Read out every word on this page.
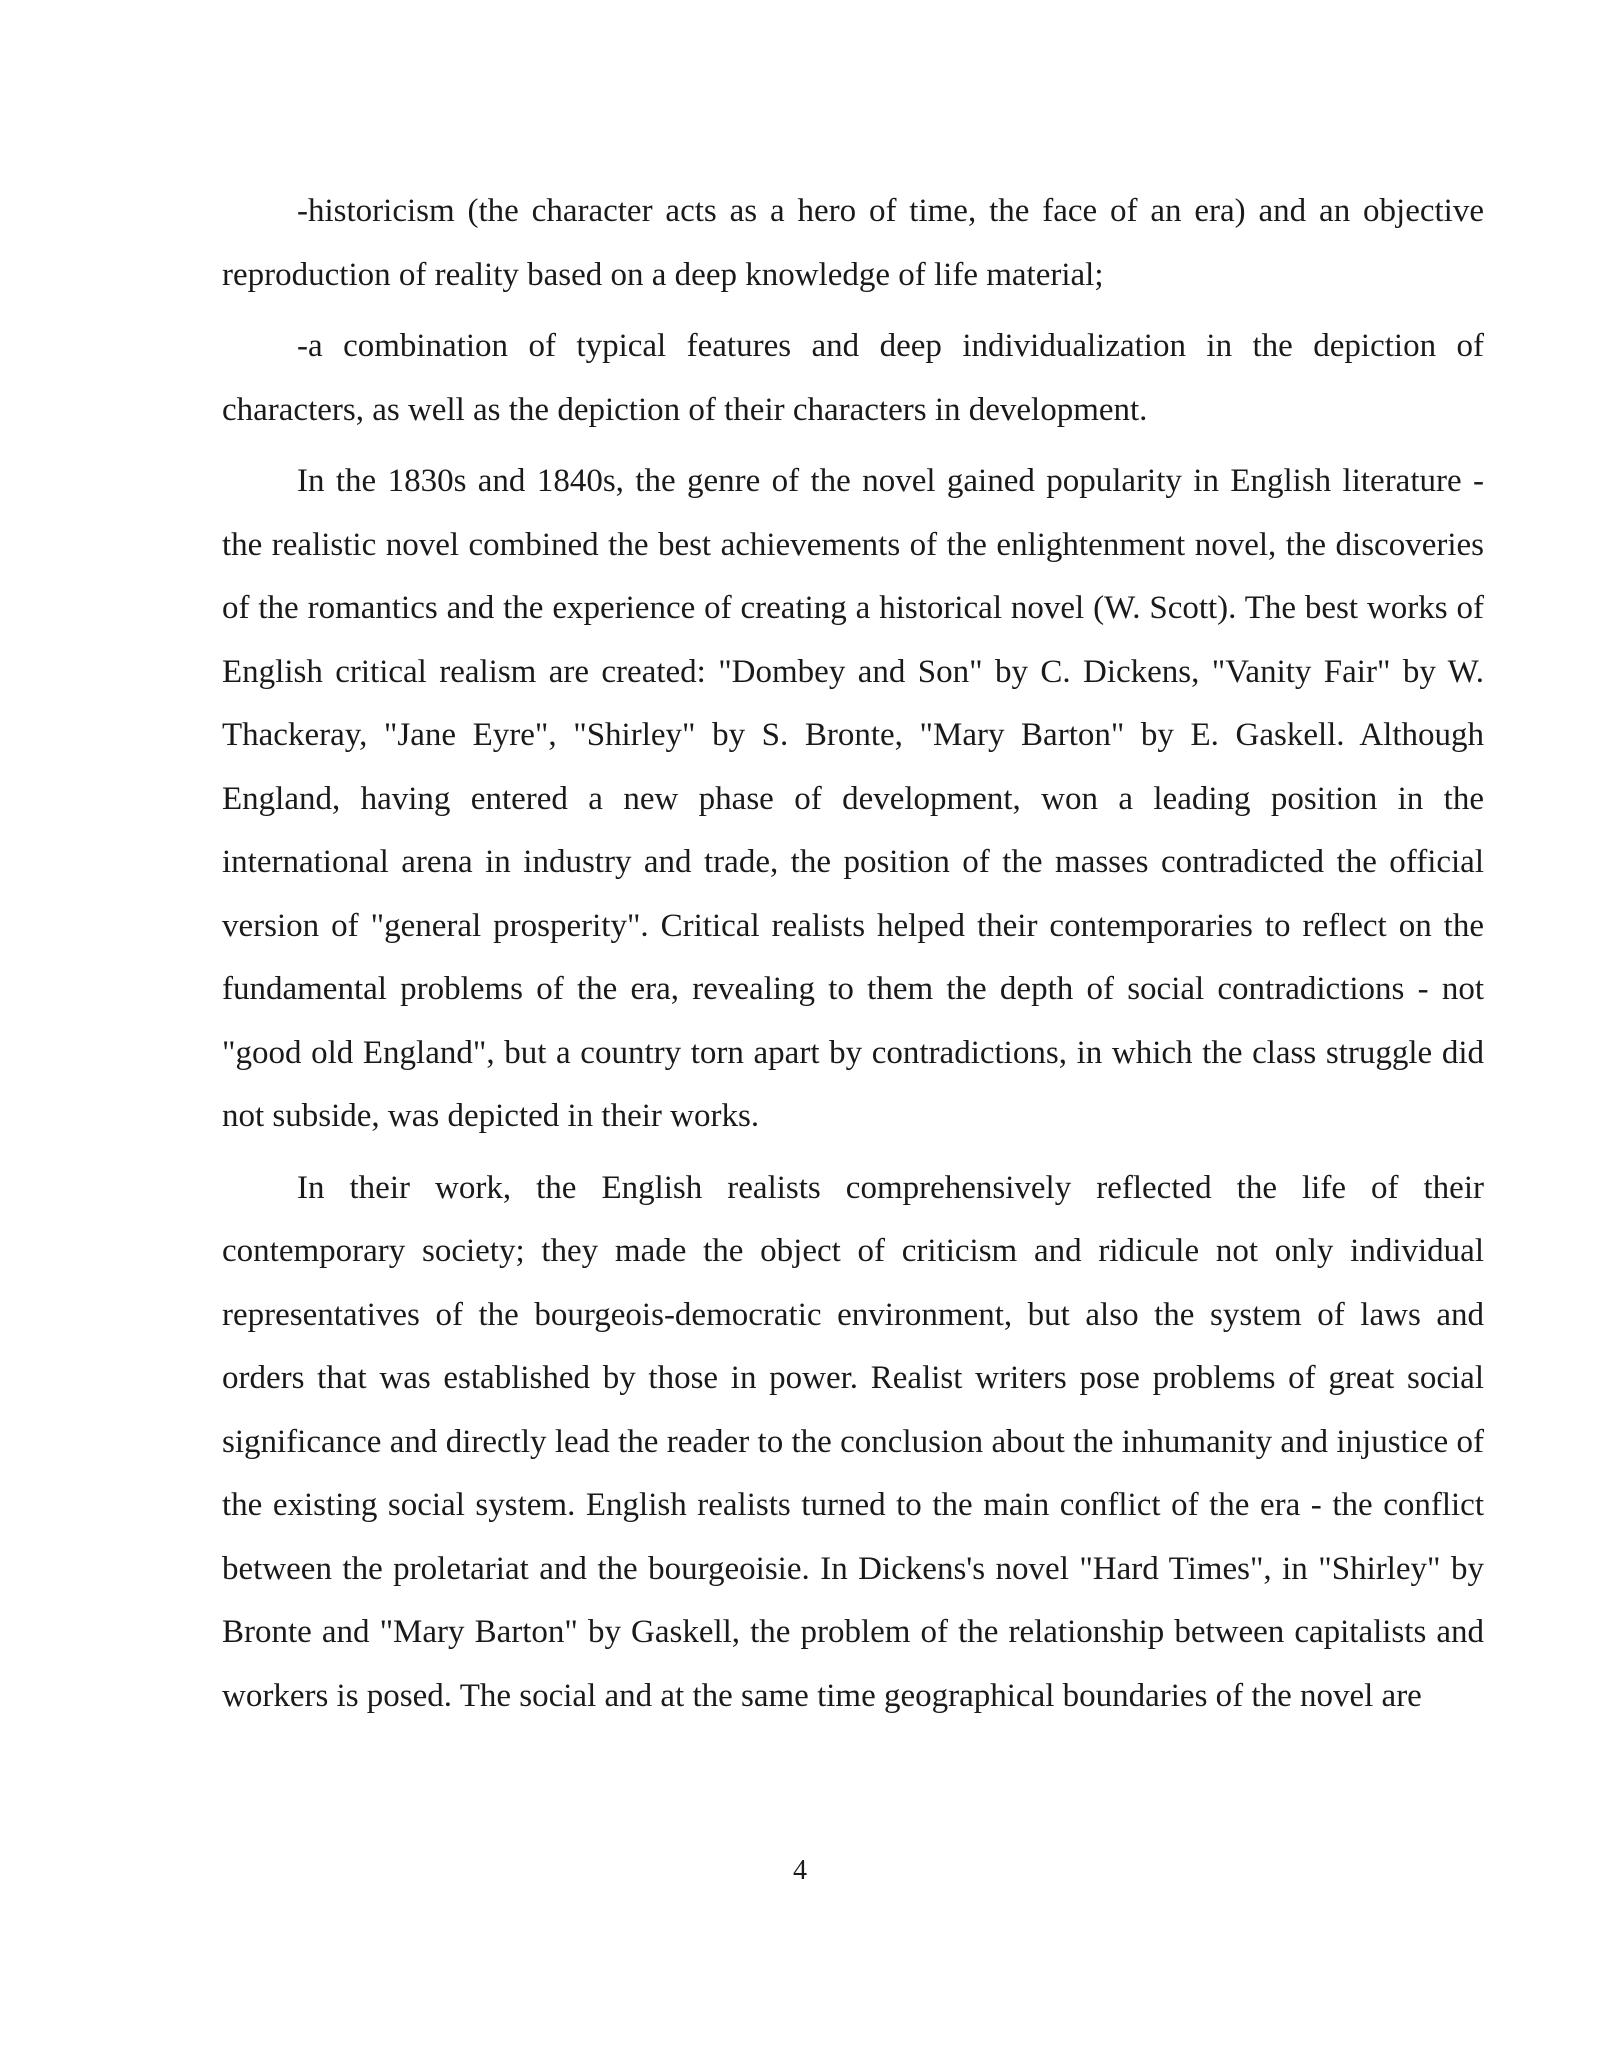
-historicism (the character acts as a hero of time, the face of an era) and an objective reproduction of reality based on a deep knowledge of life material;

-a combination of typical features and deep individualization in the depiction of characters, as well as the depiction of their characters in development.

In the 1830s and 1840s, the genre of the novel gained popularity in English literature - the realistic novel combined the best achievements of the enlightenment novel, the discoveries of the romantics and the experience of creating a historical novel (W. Scott). The best works of English critical realism are created: "Dombey and Son" by C. Dickens, "Vanity Fair" by W. Thackeray, "Jane Eyre", "Shirley" by S. Bronte, "Mary Barton" by E. Gaskell. Although England, having entered a new phase of development, won a leading position in the international arena in industry and trade, the position of the masses contradicted the official version of "general prosperity". Critical realists helped their contemporaries to reflect on the fundamental problems of the era, revealing to them the depth of social contradictions - not "good old England", but a country torn apart by contradictions, in which the class struggle did not subside, was depicted in their works.

In their work, the English realists comprehensively reflected the life of their contemporary society; they made the object of criticism and ridicule not only individual representatives of the bourgeois-democratic environment, but also the system of laws and orders that was established by those in power. Realist writers pose problems of great social significance and directly lead the reader to the conclusion about the inhumanity and injustice of the existing social system. English realists turned to the main conflict of the era - the conflict between the proletariat and the bourgeoisie. In Dickens's novel "Hard Times", in "Shirley" by Bronte and "Mary Barton" by Gaskell, the problem of the relationship between capitalists and workers is posed. The social and at the same time geographical boundaries of the novel are

4
